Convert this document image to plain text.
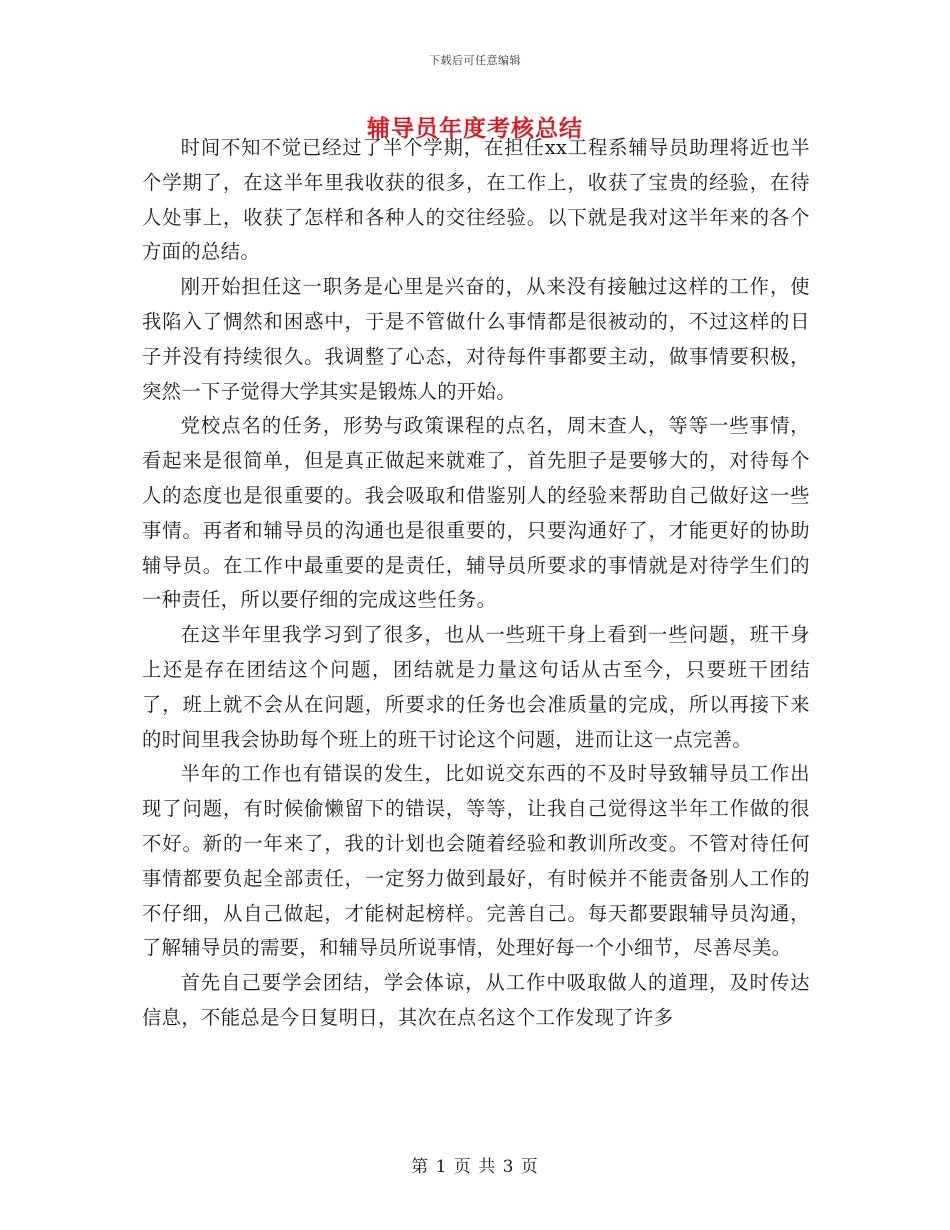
下载后可任意编辑
辅导员年度考核总结

时间不知不觉已经过了半个学期，在担任xx工程系辅导员助理将近也半个学期了，在这半年里我收获的很多，在工作上，收获了宝贵的经验，在待人处事上，收获了怎样和各种人的交往经验。以下就是我对这半年来的各个方面的总结。

刚开始担任这一职务是心里是兴奋的，从来没有接触过这样的工作，使我陷入了惆然和困惑中，于是不管做什么事情都是很被动的，不过这样的日子并没有持续很久。我调整了心态，对待每件事都要主动，做事情要积极，突然一下子觉得大学其实是锻炼人的开始。

党校点名的任务，形势与政策课程的点名，周末查人，等等一些事情，看起来是很简单，但是真正做起来就难了，首先胆子是要够大的，对待每个人的态度也是很重要的。我会吸取和借鉴别人的经验来帮助自己做好这一些事情。再者和辅导员的沟通也是很重要的，只要沟通好了，才能更好的协助辅导员。在工作中最重要的是责任，辅导员所要求的事情就是对待学生们的一种责任，所以要仔细的完成这些任务。

在这半年里我学习到了很多，也从一些班干身上看到一些问题，班干身上还是存在团结这个问题，团结就是力量这句话从古至今，只要班干团结了，班上就不会从在问题，所要求的任务也会准质量的完成，所以再接下来的时间里我会协助每个班上的班干讨论这个问题，进而让这一点完善。

半年的工作也有错误的发生，比如说交东西的不及时导致辅导员工作出现了问题，有时候偷懒留下的错误，等等，让我自己觉得这半年工作做的很不好。新的一年来了，我的计划也会随着经验和教训所改变。不管对待任何事情都要负起全部责任，一定努力做到最好，有时候并不能责备别人工作的不仔细，从自己做起，才能树起榜样。完善自己。每天都要跟辅导员沟通，了解辅导员的需要，和辅导员所说事情，处理好每一个小细节，尽善尽美。

首先自己要学会团结，学会体谅，从工作中吸取做人的道理，及时传达信息，不能总是今日复明日，其次在点名这个工作发现了许多

第 1 页 共 3 页
